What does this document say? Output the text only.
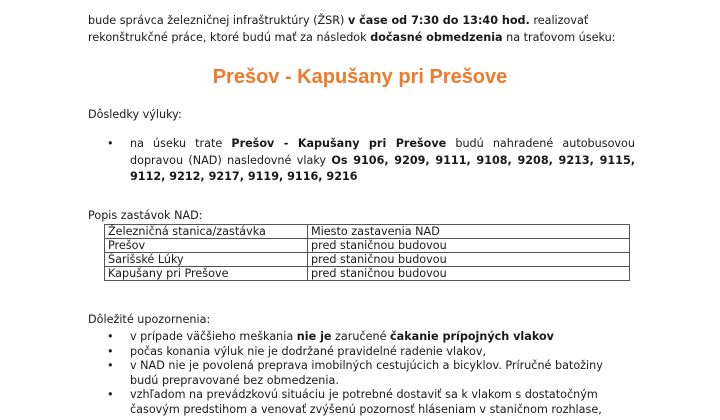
bude správca železničnej infraštruktúry (ŽSR) v čase od 7:30 do 13:40 hod. realizovať rekonštrukčné práce, ktoré budú mať za následok dočasné obmedzenia na traťovom úseku:
Prešov - Kapušany pri Prešove
Dôsledky výluky:
• na úseku trate Prešov - Kapušany pri Prešove budú nahradené autobusovou dopravou (NAD) nasledovné vlaky Os 9106, 9209, 9111, 9108, 9208, 9213, 9115, 9112, 9212, 9217, 9119, 9116, 9216
Popis zastávok NAD:
Železničná stanica/zastávka	Miesto zastavenia NAD
Prešov	pred staničnou budovou
Šarišské Lúky	pred staničnou budovou
Kapušany pri Prešove	pred staničnou budovou
Dôležité upozornenia:
• v prípade väčšieho meškania nie je zaručené čakanie prípojných vlakov
• počas konania výluk nie je dodržané pravidelné radenie vlakov,
• v NAD nie je povolená preprava imobilných cestujúcich a bicyklov. Príručné batožiny budú prepravované bez obmedzenia.
• vzhľadom na prevádzkovú situáciu je potrebné dostaviť sa k vlakom s dostatočným časovým predstihom a venovať zvýšenú pozornosť hláseniam v staničnom rozhlase,
